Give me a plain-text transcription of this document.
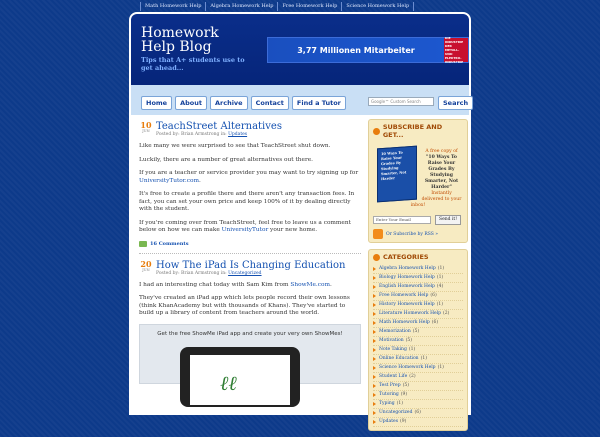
Math Homework Help	Algebra Homework Help	Free Homework Help	Science Homework Help
Homework Help Blog
Tips that A+ students use to get ahead...
3,77 Millionen Mitarbeiter
DIE INDUSTRIE DER METALL- UND ELEKTRO-INDUSTRIE
Home	About	Archive	Contact	Find a Tutor	Google™ Custom Search	Search
10
JUN TeachStreet Alternatives
Posted by: Brian Armstrong in: Updates

Like many we were surprised to see that TeachStreet shut down.

Luckily, there are a number of great alternatives out there.

If you are a teacher or service provider you may want to try signing up for UniversityTutor.com.

It's free to create a profile there and there aren't any transaction fees. In fact, you can set your own price and keep 100% of it by dealing directly with the student.

If you're coming over from TeachStreet, feel free to leave us a comment below on how we can make UniversityTutor your new home.

16 Comments
20
JUN How The iPad Is Changing Education
Posted by: Brian Armstrong in: Uncategorized

I had an interesting chat today with Sam Kim from ShowMe.com.

They've created an iPad app which lets people record their own lessons (think KhanAcademy but with thousands of Khans). They've started to build up a library of content from teachers around the world.

Get the free ShowMe iPad app and create your very own ShowMes!
ℓℓ
SUBSCRIBE AND GET...
10 Ways To Raise Your Grades By Studying Smarter, Not Harder
A free copy of
"10 Ways To Raise Your Grades By Studying Smarter, Not Harder"
Instantly delivered to your inbox!
Enter Your Email	Send it!
Or Subscribe by RSS »
CATEGORIES
Algebra Homework Help (1)
Biology Homework Help (1)
English Homework Help (4)
Free Homework Help (6)
History Homework Help (1)
Literature Homework Help (2)
Math Homework Help (6)
Memorization (5)
Motivation (5)
Note Taking (1)
Online Education (1)
Science Homework Help (1)
Student Life (2)
Test Prep (5)
Tutoring (9)
Typing (1)
Uncategorized (6)
Updates (9)
